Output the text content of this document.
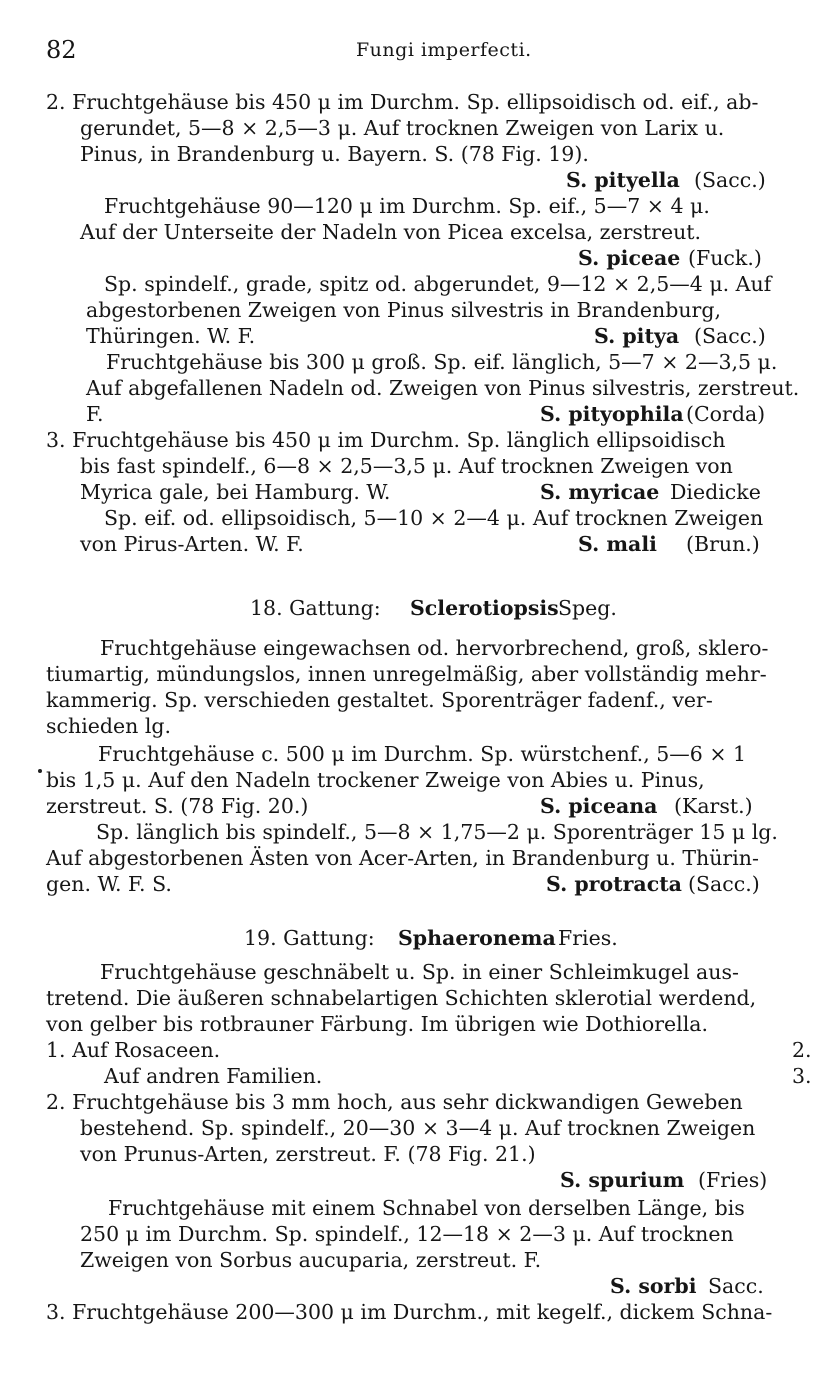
82	Fungi imperfecti.
2. Fruchtgehäuse bis 450 μ im Durchm. Sp. ellipsoidisch od. eif., ab-
gerundet, 5—8 × 2,5—3 μ. Auf trocknen Zweigen von Larix u.
Pinus, in Brandenburg u. Bayern. S. (78 Fig. 19).
S. pityella (Sacc.)
Fruchtgehäuse 90—120 μ im Durchm. Sp. eif., 5—7 × 4 μ.
Auf der Unterseite der Nadeln von Picea excelsa, zerstreut.
S. piceae (Fuck.)
Sp. spindelf., grade, spitz od. abgerundet, 9—12 × 2,5—4 μ. Auf
abgestorbenen Zweigen von Pinus silvestris in Brandenburg,
Thüringen. W. F.	S. pitya (Sacc.)
Fruchtgehäuse bis 300 μ groß. Sp. eif. länglich, 5—7 × 2—3,5 μ.
Auf abgefallenen Nadeln od. Zweigen von Pinus silvestris, zerstreut.
F.	S. pityophila (Corda)
3. Fruchtgehäuse bis 450 μ im Durchm. Sp. länglich ellipsoidisch
bis fast spindelf., 6—8 × 2,5—3,5 μ. Auf trocknen Zweigen von
Myrica gale, bei Hamburg. W.	S. myricae Diedicke
Sp. eif. od. ellipsoidisch, 5—10 × 2—4 μ. Auf trocknen Zweigen
von Pirus-Arten. W. F.	S. mali (Brun.)
18. Gattung: Sclerotiopsis Speg.
Fruchtgehäuse eingewachsen od. hervorbrechend, groß, sklero-
tiumartig, mündungslos, innen unregelmäßig, aber vollständig mehr-
kammerig. Sp. verschieden gestaltet. Sporenträger fadenf., ver-
schieden lg.
Fruchtgehäuse c. 500 μ im Durchm. Sp. würstchenf., 5—6 × 1
bis 1,5 μ. Auf den Nadeln trockener Zweige von Abies u. Pinus,
zerstreut. S. (78 Fig. 20.)	S. piceana (Karst.)
Sp. länglich bis spindelf., 5—8 × 1,75—2 μ. Sporenträger 15 μ lg.
Auf abgestorbenen Ästen von Acer-Arten, in Brandenburg u. Thürin-
gen. W. F. S.	S. protracta (Sacc.)
19. Gattung: Sphaeronema Fries.
Fruchtgehäuse geschnäbelt u. Sp. in einer Schleimkugel aus-
tretend. Die äußeren schnabelartigen Schichten sklerotial werdend,
von gelber bis rotbrauner Färbung. Im übrigen wie Dothiorella.
1. Auf Rosaceen.	2.
Auf andren Familien.	3.
2. Fruchtgehäuse bis 3 mm hoch, aus sehr dickwandigen Geweben
bestehend. Sp. spindelf., 20—30 × 3—4 μ. Auf trocknen Zweigen
von Prunus-Arten, zerstreut. F. (78 Fig. 21.)
S. spurium (Fries)
Fruchtgehäuse mit einem Schnabel von derselben Länge, bis
250 μ im Durchm. Sp. spindelf., 12—18 × 2—3 μ. Auf trocknen
Zweigen von Sorbus aucuparia, zerstreut. F.
S. sorbi Sacc.
3. Fruchtgehäuse 200—300 μ im Durchm., mit kegelf., dickem Schna-
